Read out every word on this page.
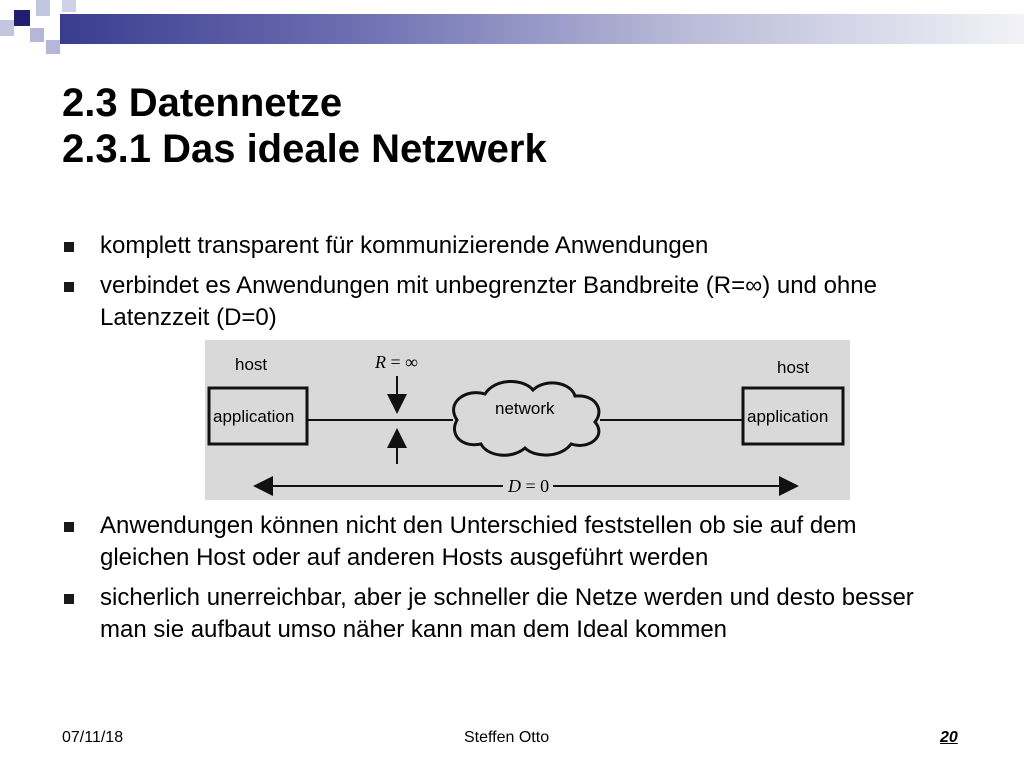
2.3 Datennetze
2.3.1 Das ideale Netzwerk
komplett transparent für kommunizierende Anwendungen
verbindet es Anwendungen mit unbegrenzter Bandbreite (R=∞) und ohne Latenzzeit (D=0)
host
application
host
application
network
R = ∞
D = 0
Anwendungen können nicht den Unterschied feststellen ob sie auf dem gleichen Host oder auf anderen Hosts ausgeführt werden
sicherlich unerreichbar, aber je schneller die Netze werden und desto besser man sie aufbaut umso näher kann man dem Ideal kommen
07/11/18	Steffen Otto	20
